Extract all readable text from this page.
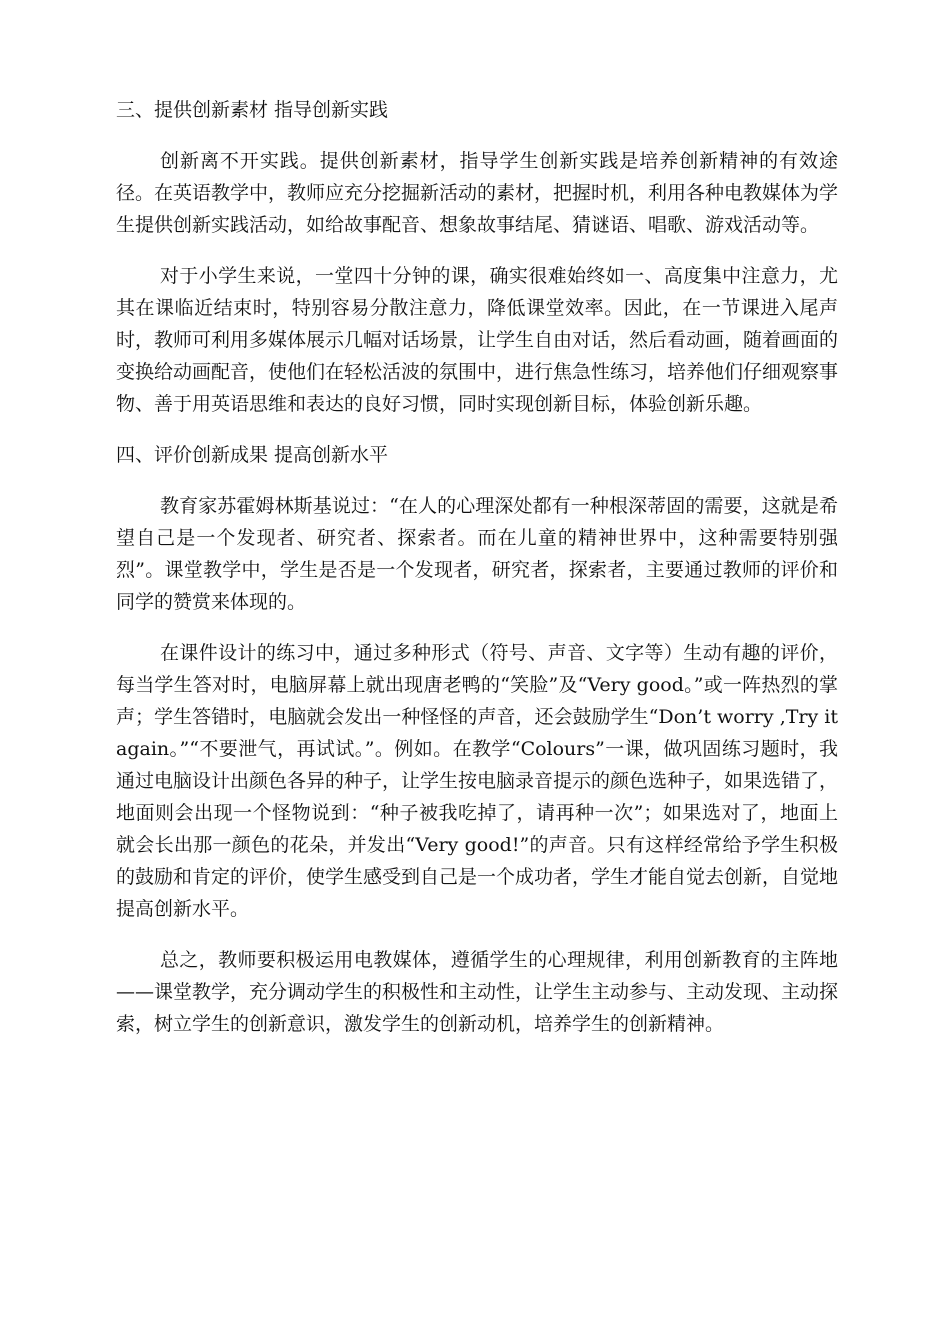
三、提供创新素材 指导创新实践

创新离不开实践。提供创新素材，指导学生创新实践是培养创新精神的有效途径。在英语教学中，教师应充分挖掘新活动的素材，把握时机，利用各种电教媒体为学生提供创新实践活动，如给故事配音、想象故事结尾、猜谜语、唱歌、游戏活动等。

对于小学生来说，一堂四十分钟的课，确实很难始终如一、高度集中注意力，尤其在课临近结束时，特别容易分散注意力，降低课堂效率。因此，在一节课进入尾声时，教师可利用多媒体展示几幅对话场景，让学生自由对话，然后看动画，随着画面的变换给动画配音，使他们在轻松活波的氛围中，进行焦急性练习，培养他们仔细观察事物、善于用英语思维和表达的良好习惯，同时实现创新目标，体验创新乐趣。

四、评价创新成果 提高创新水平

教育家苏霍姆林斯基说过：“在人的心理深处都有一种根深蒂固的需要，这就是希望自己是一个发现者、研究者、探索者。而在儿童的精神世界中，这种需要特别强烈”。课堂教学中，学生是否是一个发现者，研究者，探索者，主要通过教师的评价和同学的赞赏来体现的。

在课件设计的练习中，通过多种形式（符号、声音、文字等）生动有趣的评价，每当学生答对时，电脑屏幕上就出现唐老鸭的“笑脸”及“Very good。”或一阵热烈的掌声；学生答错时，电脑就会发出一种怪怪的声音，还会鼓励学生“Don’t worry ,Try it again。”“不要泄气，再试试。”。例如。在教学“Colours”一课，做巩固练习题时，我通过电脑设计出颜色各异的种子，让学生按电脑录音提示的颜色选种子，如果选错了，地面则会出现一个怪物说到：“种子被我吃掉了，请再种一次”；如果选对了，地面上就会长出那一颜色的花朵，并发出“Very good!”的声音。只有这样经常给予学生积极的鼓励和肯定的评价，使学生感受到自己是一个成功者，学生才能自觉去创新，自觉地提高创新水平。

总之，教师要积极运用电教媒体，遵循学生的心理规律，利用创新教育的主阵地——课堂教学，充分调动学生的积极性和主动性，让学生主动参与、主动发现、主动探索，树立学生的创新意识，激发学生的创新动机，培养学生的创新精神。
